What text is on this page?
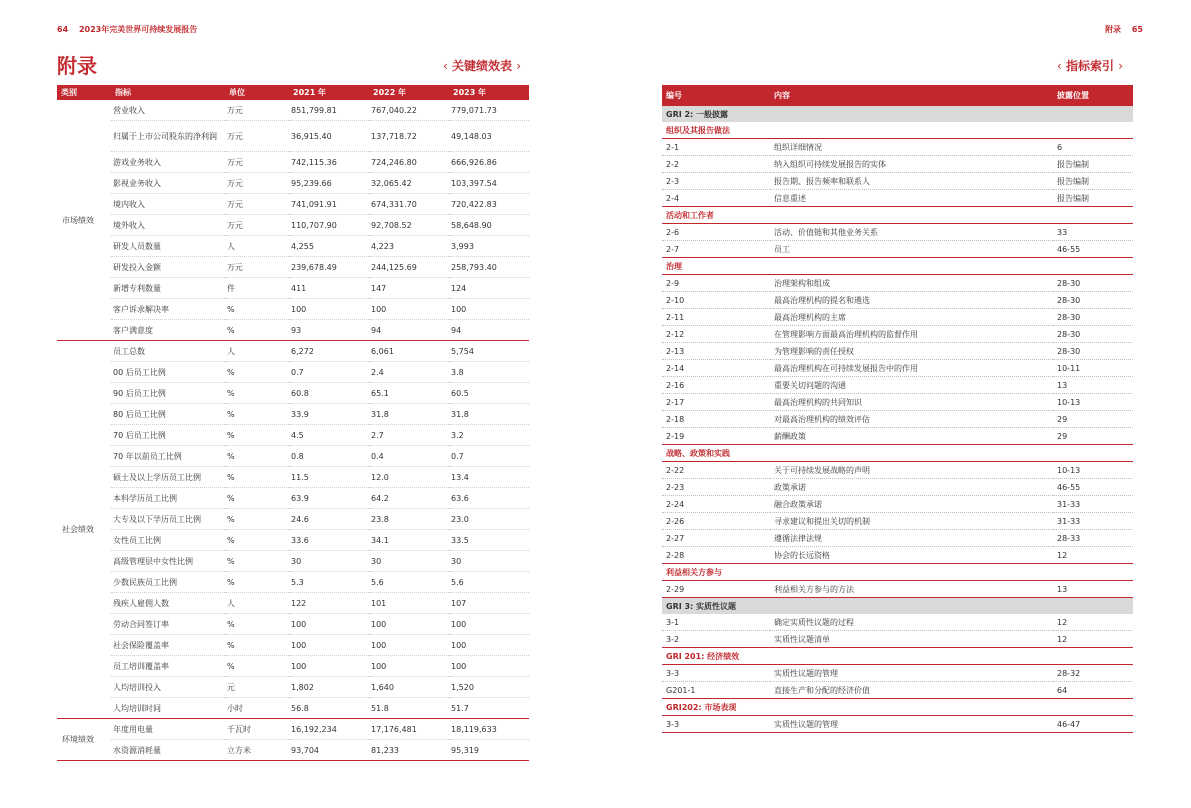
64 2023年完美世界可持续发展报告	附录 65
附录	‹ 关键绩效表 ›	‹ 指标索引 ›
类别	指标	单位	2021 年	2022 年	2023 年
市场绩效	营业收入	万元	851,799.81	767,040.22	779,071.73
	归属于上市公司股东的净利润	万元	36,915.40	137,718.72	49,148.03
	游戏业务收入	万元	742,115.36	724,246.80	666,926.86
	影视业务收入	万元	95,239.66	32,065.42	103,397.54
	境内收入	万元	741,091.91	674,331.70	720,422.83
	境外收入	万元	110,707.90	92,708.52	58,648.90
	研发人员数量	人	4,255	4,223	3,993
	研发投入金额	万元	239,678.49	244,125.69	258,793.40
	新增专利数量	件	411	147	124
	客户诉求解决率	%	100	100	100
	客户满意度	%	93	94	94
社会绩效	员工总数	人	6,272	6,061	5,754
	00 后员工比例	%	0.7	2.4	3.8
	90 后员工比例	%	60.8	65.1	60.5
	80 后员工比例	%	33.9	31.8	31.8
	70 后员工比例	%	4.5	2.7	3.2
	70 年以前员工比例	%	0.8	0.4	0.7
	硕士及以上学历员工比例	%	11.5	12.0	13.4
	本科学历员工比例	%	63.9	64.2	63.6
	大专及以下学历员工比例	%	24.6	23.8	23.0
	女性员工比例	%	33.6	34.1	33.5
	高级管理层中女性比例	%	30	30	30
	少数民族员工比例	%	5.3	5.6	5.6
	残疾人雇佣人数	人	122	101	107
	劳动合同签订率	%	100	100	100
	社会保险覆盖率	%	100	100	100
	员工培训覆盖率	%	100	100	100
	人均培训投入	元	1,802	1,640	1,520
	人均培训时间	小时	56.8	51.8	51.7
环境绩效	年度用电量	千瓦时	16,192,234	17,176,481	18,119,633
	水资源消耗量	立方米	93,704	81,233	95,319
编号	内容	披露位置
GRI 2: 一般披露		
组织及其报告做法		
2-1	组织详细情况	6
2-2	纳入组织可持续发展报告的实体	报告编制
2-3	报告期、报告频率和联系人	报告编制
2-4	信息重述	报告编制
活动和工作者		
2-6	活动、价值链和其他业务关系	33
2-7	员工	46-55
治理		
2-9	治理架构和组成	28-30
2-10	最高治理机构的提名和遴选	28-30
2-11	最高治理机构的主席	28-30
2-12	在管理影响方面最高治理机构的监督作用	28-30
2-13	为管理影响的责任授权	28-30
2-14	最高治理机构在可持续发展报告中的作用	10-11
2-16	重要关切问题的沟通	13
2-17	最高治理机构的共同知识	10-13
2-18	对最高治理机构的绩效评估	29
2-19	薪酬政策	29
战略、政策和实践		
2-22	关于可持续发展战略的声明	10-13
2-23	政策承诺	46-55
2-24	融合政策承诺	31-33
2-26	寻求建议和提出关切的机制	31-33
2-27	遵循法律法规	28-33
2-28	协会的长远资格	12
利益相关方参与		
2-29	利益相关方参与的方法	13
GRI 3: 实质性议题		
3-1	确定实质性议题的过程	12
3-2	实质性议题清单	12
GRI 201: 经济绩效		
3-3	实质性议题的管理	28-32
G201-1	直接生产和分配的经济价值	64
GRI202: 市场表现		
3-3	实质性议题的管理	46-47
